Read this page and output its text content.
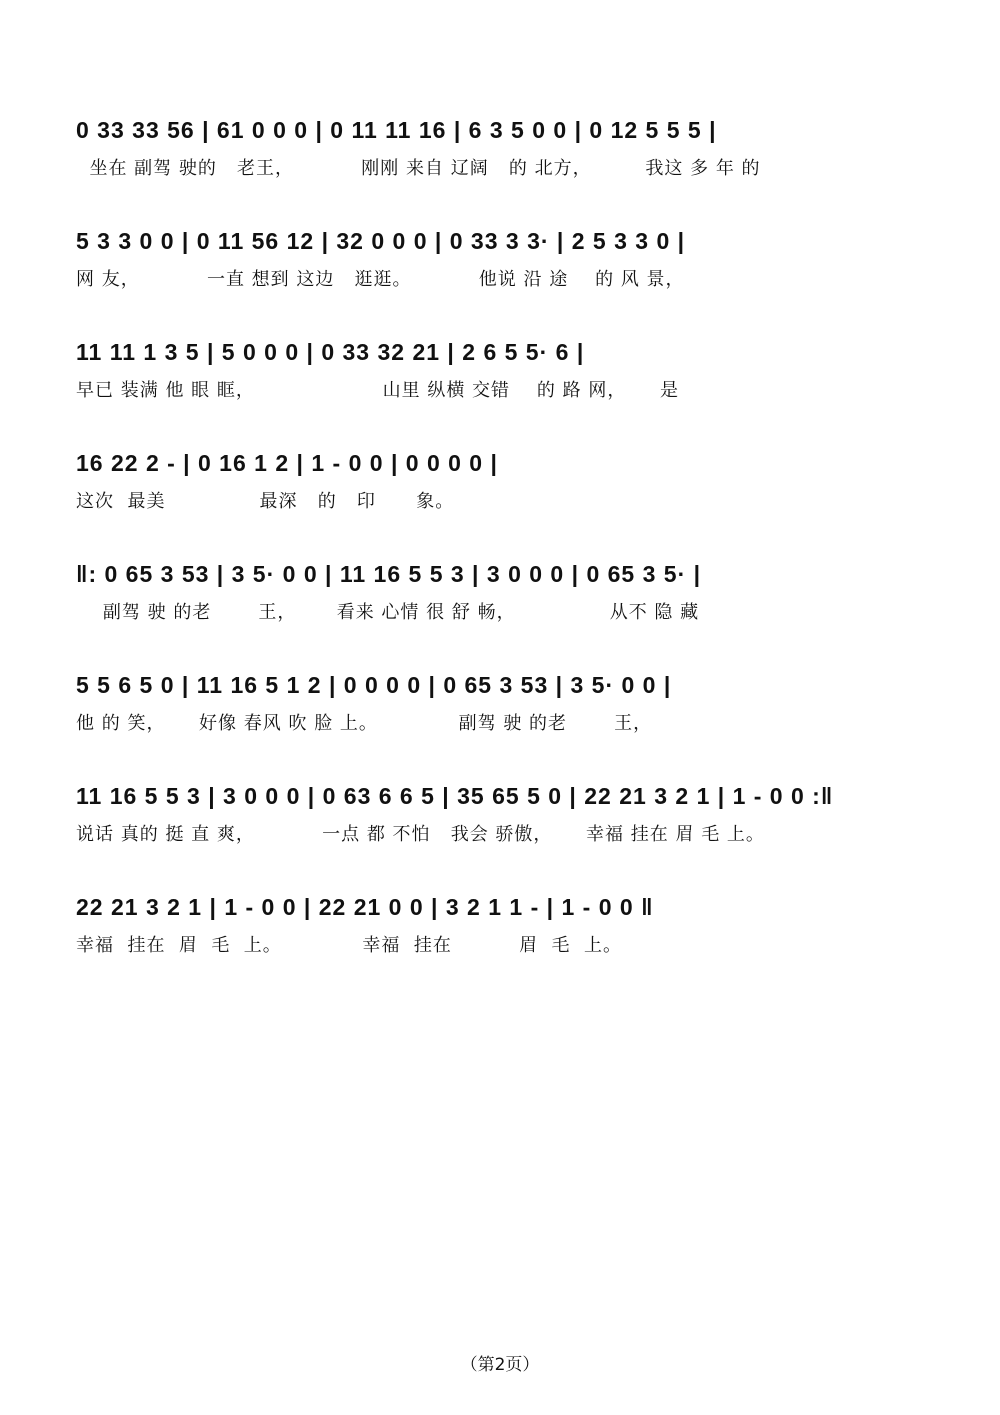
0 33 33 56 | 61 0 0 0 | 0 11 11 16 | 6 3 5 0 0 | 0 12 5 5 5 |
坐在 副驾 驶的   老王，          刚刚 来自 辽阔   的 北方，        我这 多 年 的
5 3 3 0 0 | 0 11 56 12 | 32 0 0 0 | 0 33 3 3· | 2 5 3 3 0 |
网 友，          一直 想到 这边   逛逛。          他说 沿 途    的 风 景，
11 11 1 3 5 | 5 0 0 0 | 0 33 32 21 | 2 6 5 5· 6 |
早已 装满 他 眼 眶，                   山里 纵横 交错    的 路 网，     是
16 22 2 - | 0 16 1 2 | 1 - 0 0 | 0 0 0 0 |
这次  最美              最深   的   印      象。
‖: 0 65 3 53 | 3 5· 0 0 | 11 16 5 5 3 | 3 0 0 0 | 0 65 3 5· |
副驾 驶 的老       王，      看来 心情 很 舒 畅，              从不 隐 藏
5 5 6 5 0 | 11 16 5 1 2 | 0 0 0 0 | 0 65 3 53 | 3 5· 0 0 |
他 的 笑，     好像 春风 吹 脸 上。            副驾 驶 的老       王，
11 16 5 5 3 | 3 0 0 0 | 0 63 6 6 5 | 35 65 5 0 | 22 21 3 2 1 | 1 - 0 0 :‖
说话 真的 挺 直 爽，          一点 都 不怕   我会 骄傲，     幸福 挂在 眉 毛 上。
22 21 3 2 1 | 1 - 0 0 | 22 21 0 0 | 3 2 1 1 - | 1 - 0 0 ‖
幸福  挂在  眉  毛  上。            幸福  挂在          眉  毛  上。
（第2页）
